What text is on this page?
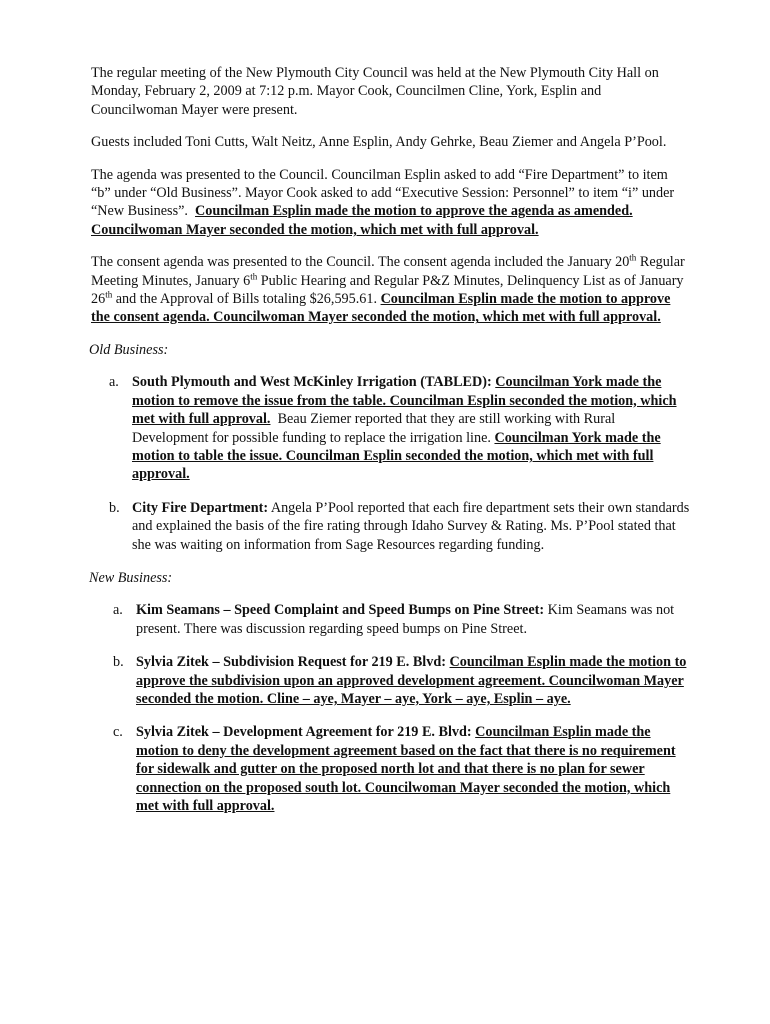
The regular meeting of the New Plymouth City Council was held at the New Plymouth City Hall on Monday, February 2, 2009 at 7:12 p.m. Mayor Cook, Councilmen Cline, York, Esplin and Councilwoman Mayer were present.

Guests included Toni Cutts, Walt Neitz, Anne Esplin, Andy Gehrke, Beau Ziemer and Angela P’Pool.

The agenda was presented to the Council. Councilman Esplin asked to add “Fire Department” to item “b” under “Old Business”. Mayor Cook asked to add “Executive Session: Personnel” to item “i” under “New Business”. Councilman Esplin made the motion to approve the agenda as amended. Councilwoman Mayer seconded the motion, which met with full approval.

The consent agenda was presented to the Council. The consent agenda included the January 20th Regular Meeting Minutes, January 6th Public Hearing and Regular P&Z Minutes, Delinquency List as of January 26th and the Approval of Bills totaling $26,595.61. Councilman Esplin made the motion to approve the consent agenda. Councilwoman Mayer seconded the motion, which met with full approval.

Old Business:

a. South Plymouth and West McKinley Irrigation (TABLED): Councilman York made the motion to remove the issue from the table. Councilman Esplin seconded the motion, which met with full approval. Beau Ziemer reported that they are still working with Rural Development for possible funding to replace the irrigation line. Councilman York made the motion to table the issue. Councilman Esplin seconded the motion, which met with full approval.
b. City Fire Department: Angela P’Pool reported that each fire department sets their own standards and explained the basis of the fire rating through Idaho Survey & Rating. Ms. P’Pool stated that she was waiting on information from Sage Resources regarding funding.

New Business:

a. Kim Seamans – Speed Complaint and Speed Bumps on Pine Street: Kim Seamans was not present. There was discussion regarding speed bumps on Pine Street.
b. Sylvia Zitek – Subdivision Request for 219 E. Blvd: Councilman Esplin made the motion to approve the subdivision upon an approved development agreement. Councilwoman Mayer seconded the motion. Cline – aye, Mayer – aye, York – aye, Esplin – aye.
c. Sylvia Zitek – Development Agreement for 219 E. Blvd: Councilman Esplin made the motion to deny the development agreement based on the fact that there is no requirement for sidewalk and gutter on the proposed north lot and that there is no plan for sewer connection on the proposed south lot. Councilwoman Mayer seconded the motion, which met with full approval.
